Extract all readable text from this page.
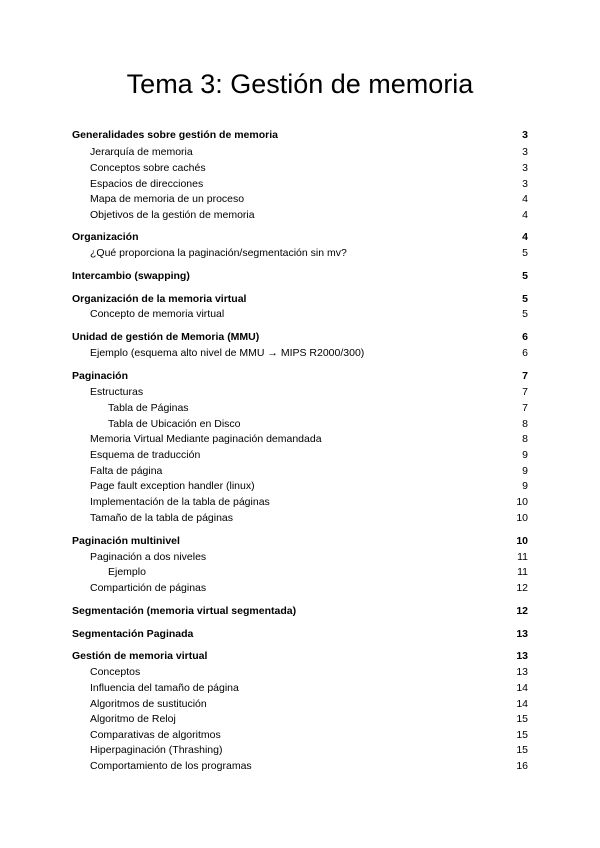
Tema 3: Gestión de memoria
Generalidades sobre gestión de memoria	3
Jerarquía de memoria	3
Conceptos sobre cachés	3
Espacios de direcciones	3
Mapa de memoria de un proceso	4
Objetivos de la gestión de memoria	4
Organización	4
¿Qué proporciona la paginación/segmentación sin mv?	5
Intercambio (swapping)	5
Organización de la memoria virtual	5
Concepto de memoria virtual	5
Unidad de gestión de Memoria (MMU)	6
Ejemplo (esquema alto nivel de MMU → MIPS R2000/300)	6
Paginación	7
Estructuras	7
Tabla de Páginas	7
Tabla de Ubicación en Disco	8
Memoria Virtual Mediante paginación demandada	8
Esquema de traducción	9
Falta de página	9
Page fault exception handler (linux)	9
Implementación de la tabla de páginas	10
Tamaño de la tabla de páginas	10
Paginación multinivel	10
Paginación a dos niveles	11
Ejemplo	11
Compartición de páginas	12
Segmentación (memoria virtual segmentada)	12
Segmentación Paginada	13
Gestión de memoria virtual	13
Conceptos	13
Influencia del tamaño de página	14
Algoritmos de sustitución	14
Algoritmo de Reloj	15
Comparativas de algoritmos	15
Hiperpaginación (Thrashing)	15
Comportamiento de los programas	16
